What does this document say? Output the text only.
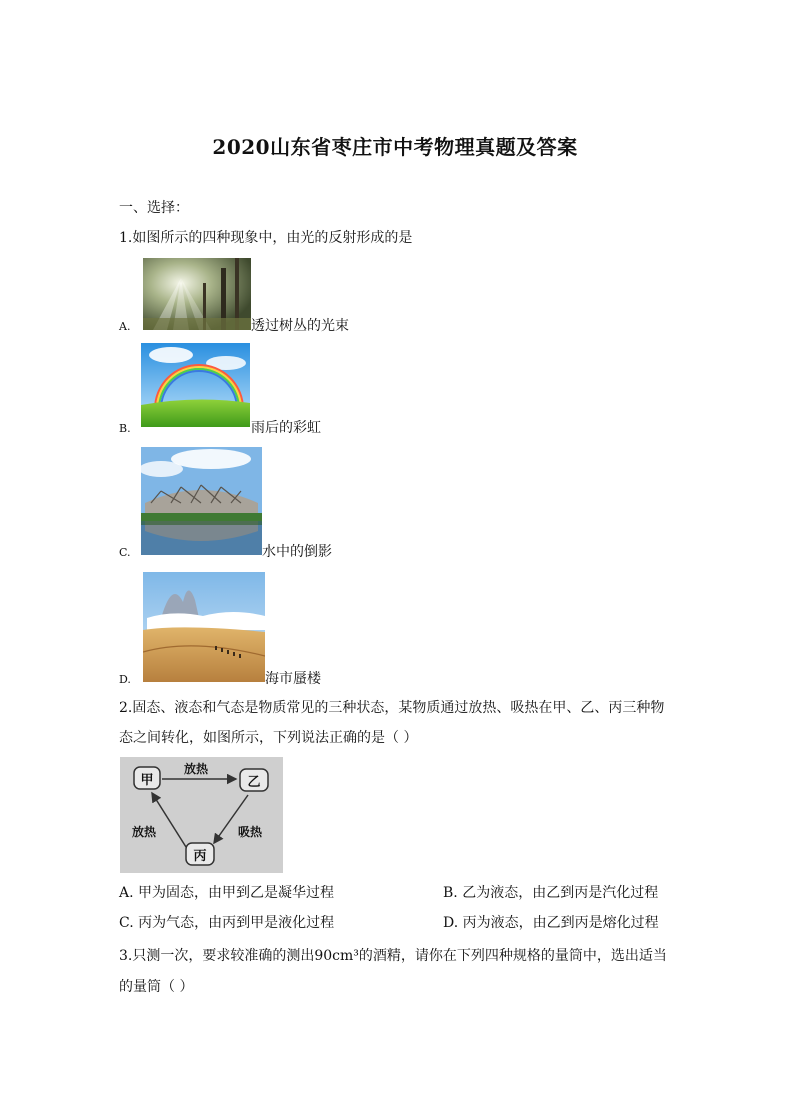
2020山东省枣庄市中考物理真题及答案
一、选择：
1.如图所示的四种现象中，由光的反射形成的是
A.	透过树丛的光束
B.	雨后的彩虹
C.	水中的倒影
D.	海市蜃楼
2.固态、液态和气态是物质常见的三种状态，某物质通过放热、吸热在甲、乙、丙三种物
态之间转化，如图所示，下列说法正确的是（ ）
甲	乙
丙
放热
放热	吸热
A. 甲为固态，由甲到乙是凝华过程	B. 乙为液态，由乙到丙是汽化过程
C. 丙为气态，由丙到甲是液化过程	D. 丙为液态，由乙到丙是熔化过程
3.只测一次，要求较准确的测出90cm³的酒精，请你在下列四种规格的量筒中，选出适当
的量筒（ ）
